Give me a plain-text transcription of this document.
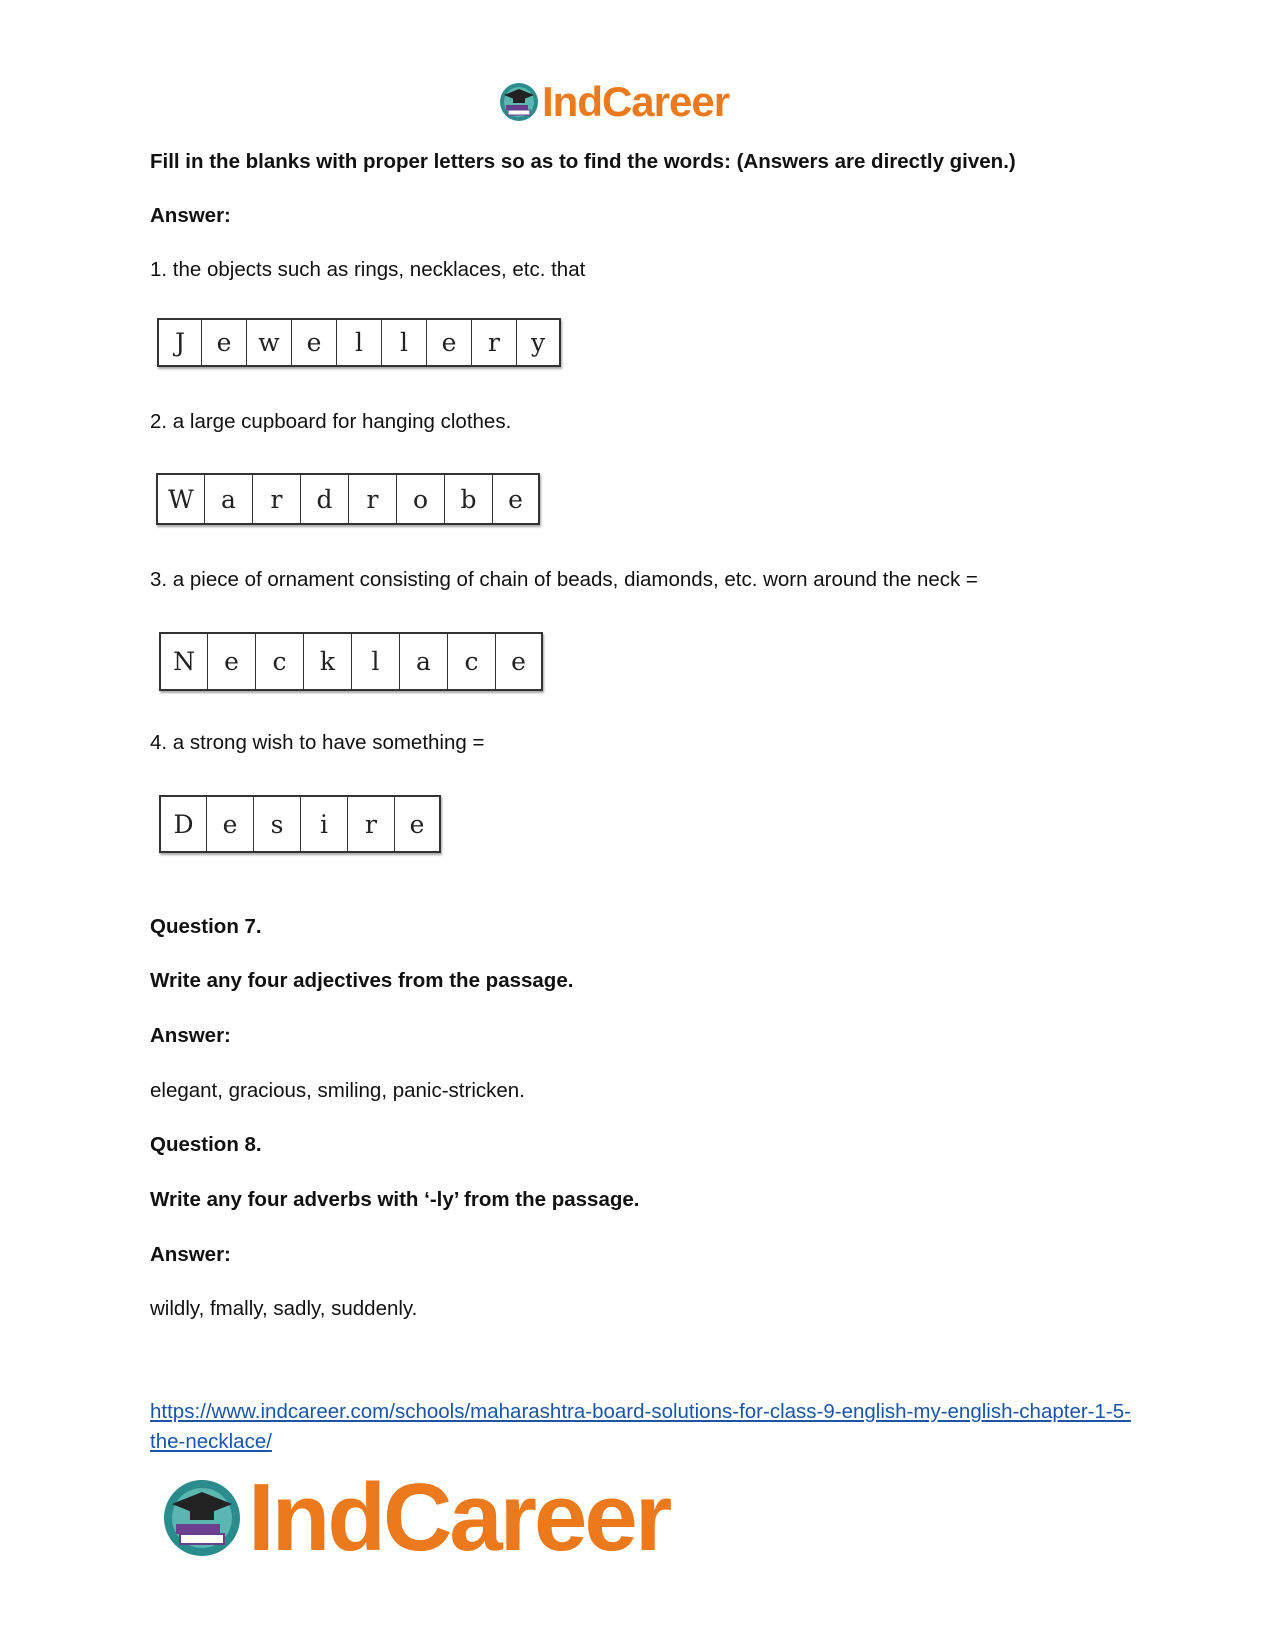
IndCareer
Fill in the blanks with proper letters so as to find the words: (Answers are directly given.)
Answer:
1. the objects such as rings, necklaces, etc. that
J	e	w	e	l	l	e	r	y
2. a large cupboard for hanging clothes.
W	a	r	d	r	o	b	e
3. a piece of ornament consisting of chain of beads, diamonds, etc. worn around the neck =
N	e	c	k	l	a	c	e
4. a strong wish to have something =
D	e	s	i	r	e
Question 7.
Write any four adjectives from the passage.
Answer:
elegant, gracious, smiling, panic-stricken.
Question 8.
Write any four adverbs with ‘-ly’ from the passage.
Answer:
wildly, fmally, sadly, suddenly.
https://www.indcareer.com/schools/maharashtra-board-solutions-for-class-9-english-my-english-chapter-1-5-the-necklace/
IndCareer
